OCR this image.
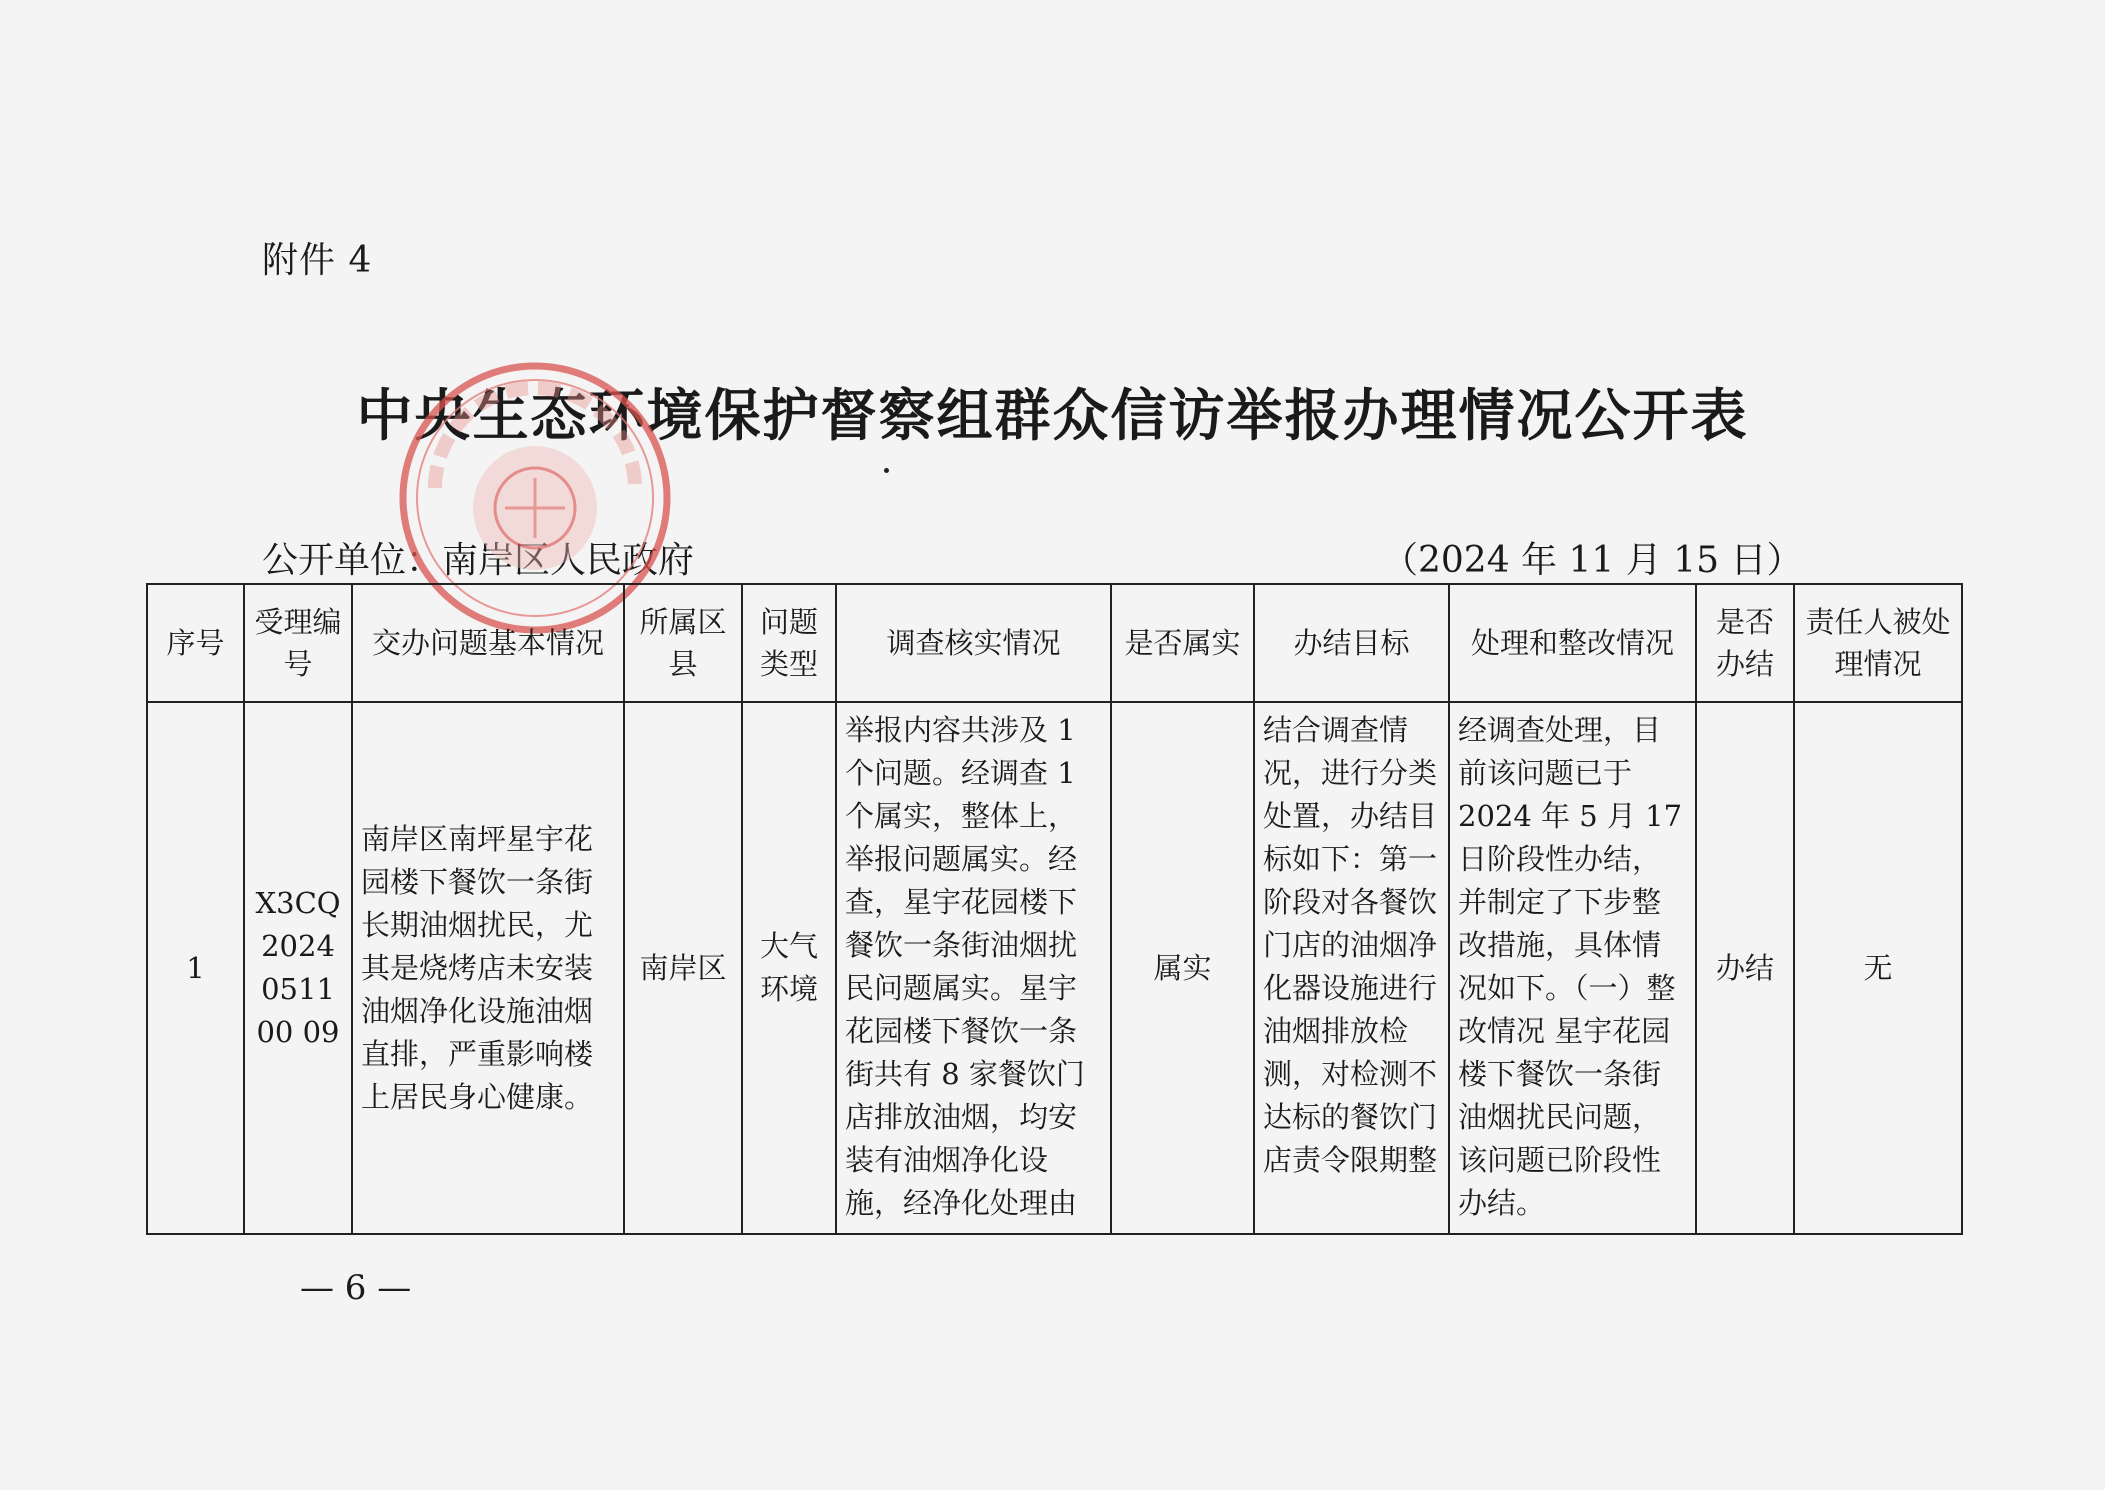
附件 4
中央生态环境保护督察组群众信访举报办理情况公开表
公开单位：南岸区人民政府	（2024 年 11 月 15 日）
序号	受理编号	交办问题基本情况	所属区县	问题类型	调查核实情况	是否属实	办结目标	处理和整改情况	是否办结	责任人被处理情况
1	X3CQ2024051100 09	南岸区南坪星宇花园楼下餐饮一条街长期油烟扰民，尤其是烧烤店未安装油烟净化设施油烟直排，严重影响楼上居民身心健康。	南岸区	大气环境	举报内容共涉及 1 个问题。经调查 1 个属实，整体上，举报问题属实。经查，星宇花园楼下餐饮一条街油烟扰民问题属实。星宇花园楼下餐饮一条街共有 8 家餐饮门店排放油烟，均安装有油烟净化设施，经净化处理由	属实	结合调查情况，进行分类处置，办结目标如下：第一阶段对各餐饮门店的油烟净化器设施进行油烟排放检测，对检测不达标的餐饮门店责令限期整	经调查处理，目前该问题已于 2024 年 5 月 17 日阶段性办结，并制定了下步整改措施，具体情况如下。（一）整改情况 星宇花园楼下餐饮一条街油烟扰民问题，该问题已阶段性办结。	办结	无
— 6 —
